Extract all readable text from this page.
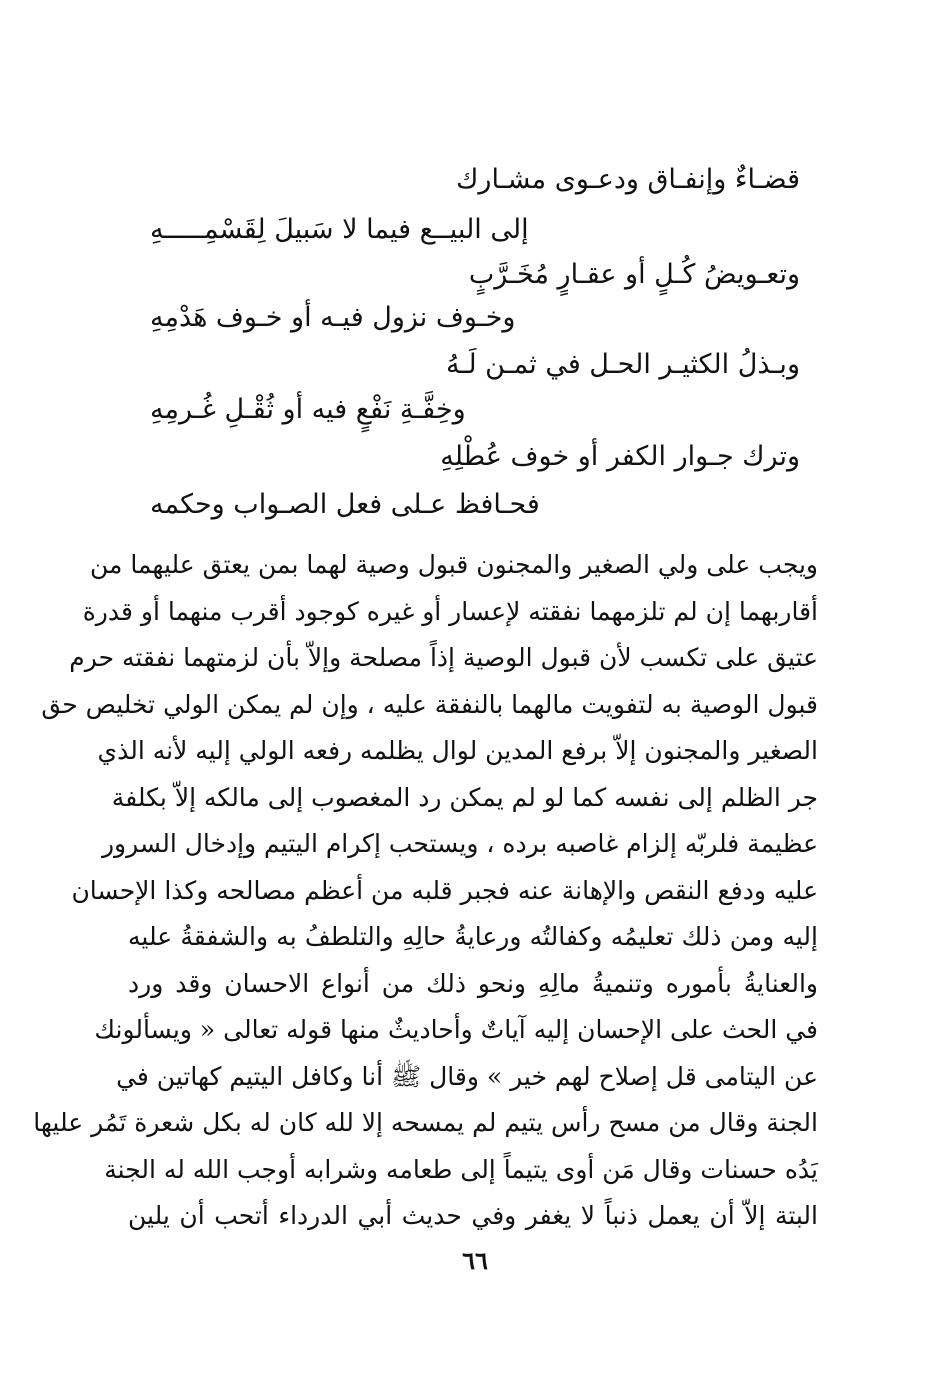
قضـاءٌ وإنفـاق ودعـوى مشـارك
إلى البيــع فيما لا سَبيلَ لِقَسْمِـــــهِ
وتعـويضُ كُـلٍ أو عقـارٍ مُخَـرَّبٍ
وخـوف نزول فيـه أو خـوف هَدْمِهِ
وبـذلُ الكثيـر الحـل في ثمـن لَـهُ
وخِفَّـةِ نَفْعٍ فيه أو ثُقْـلِ غُـرمِهِ
وترك جـوار الكفر أو خوف عُطْلِهِ
فحـافظ عـلى فعل الصـواب وحكمه
ويجب على ولي الصغير والمجنون قبول وصية لهما بمن يعتق عليهما من
أقاربهما إن لم تلزمهما نفقته لإعسار أو غيره كوجود أقرب منهما أو قدرة
عتيق على تكسب لأن قبول الوصية إذاً مصلحة وإلاّ بأن لزمتهما نفقته حرم
قبول الوصية به لتفويت مالهما بالنفقة عليه ، وإن لم يمكن الولي تخليص حق
الصغير والمجنون إلاّ برفع المدين لوال يظلمه رفعه الولي إليه لأنه الذي
جر الظلم إلى نفسه كما لو لم يمكن رد المغصوب إلى مالكه إلاّ بكلفة
عظيمة فلربّه إلزام غاصبه برده ، ويستحب إكرام اليتيم وإدخال السرور
عليه ودفع النقص والإهانة عنه فجبر قلبه من أعظم مصالحه وكذا الإحسان
إليه ومن ذلك تعليمُه وكفالتُه ورعايةُ حالِهِ والتلطفُ به والشفقةُ عليه
والعنايةُ بأموره وتنميةُ مالِهِ ونحو ذلك من أنواع الاحسان وقد ورد
في الحث على الإحسان إليه آياتٌ وأحاديثٌ منها قوله تعالى « ويسألونك
عن اليتامى قل إصلاح لهم خير » وقال ﷺ أنا وكافل اليتيم كهاتين في
الجنة وقال من مسح رأس يتيم لم يمسحه إلا لله كان له بكل شعرة تَمُر عليها
يَدُه حسنات وقال مَن أوى يتيماً إلى طعامه وشرابه أوجب الله له الجنة
البتة إلاّ أن يعمل ذنباً لا يغفر وفي حديث أبي الدرداء أتحب أن يلين
٦٦
